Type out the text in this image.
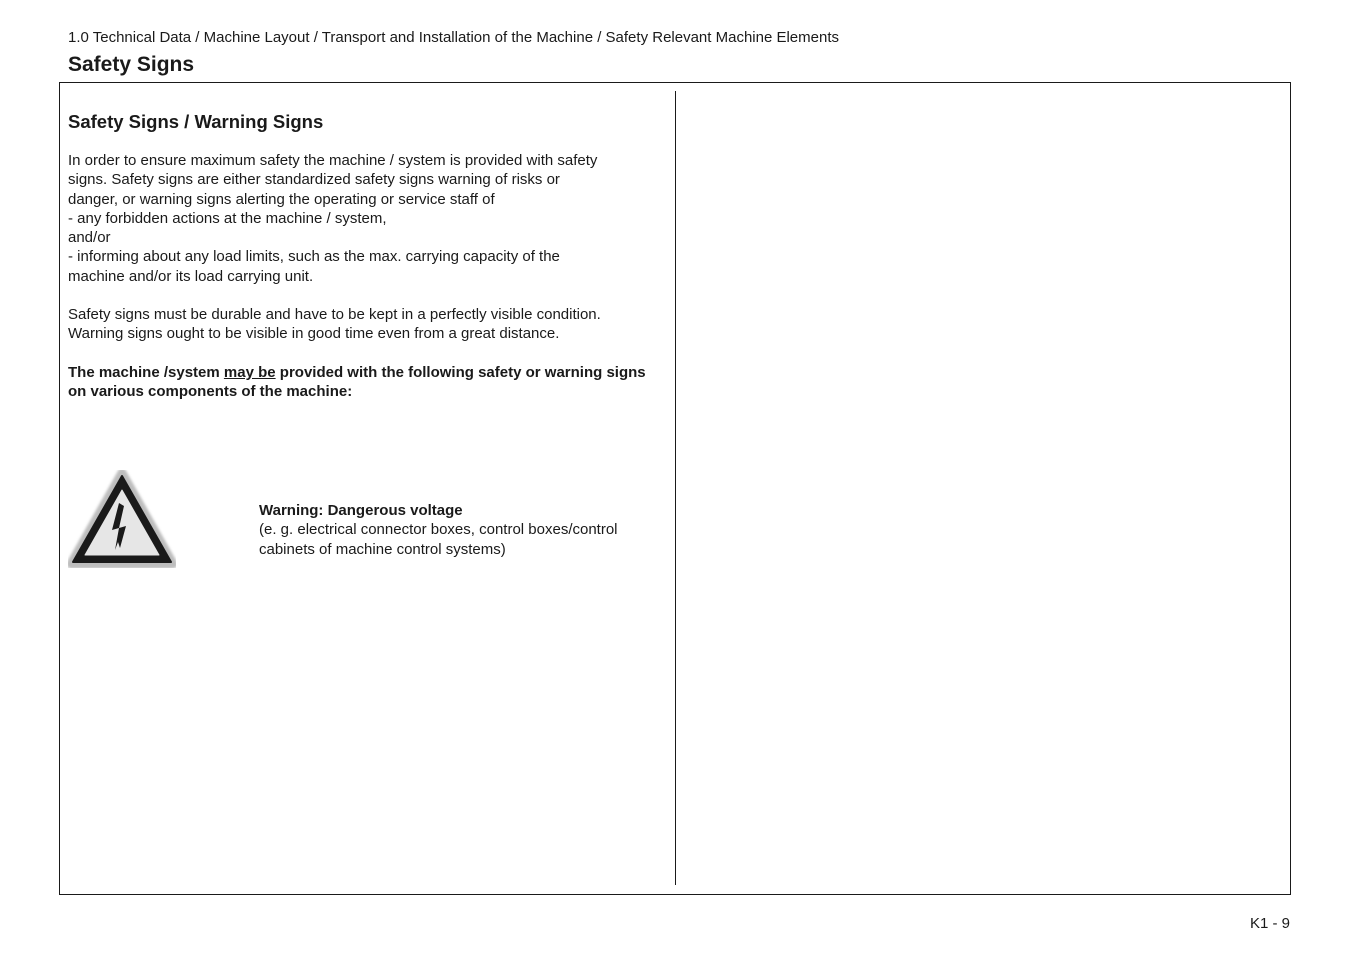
1.0 Technical Data / Machine Layout / Transport and Installation of the Machine / Safety Relevant Machine Elements
Safety Signs
Safety Signs / Warning Signs

In order to ensure maximum safety the machine / system is provided with safety
signs. Safety signs are either standardized safety signs warning of risks or
danger, or warning signs alerting the operating or service staff of
- any forbidden actions at the machine / system,
and/or
- informing about any load limits, such as the max. carrying capacity of the
machine and/or its load carrying unit.

Safety signs must be durable and have to be kept in a perfectly visible condition.
Warning signs ought to be visible in good time even from a great distance.

The machine /system may be provided with the following safety or warning signs on various components of the machine:

Warning: Dangerous voltage
(e. g. electrical connector boxes, control boxes/control
cabinets of machine control systems)
K1 - 9
